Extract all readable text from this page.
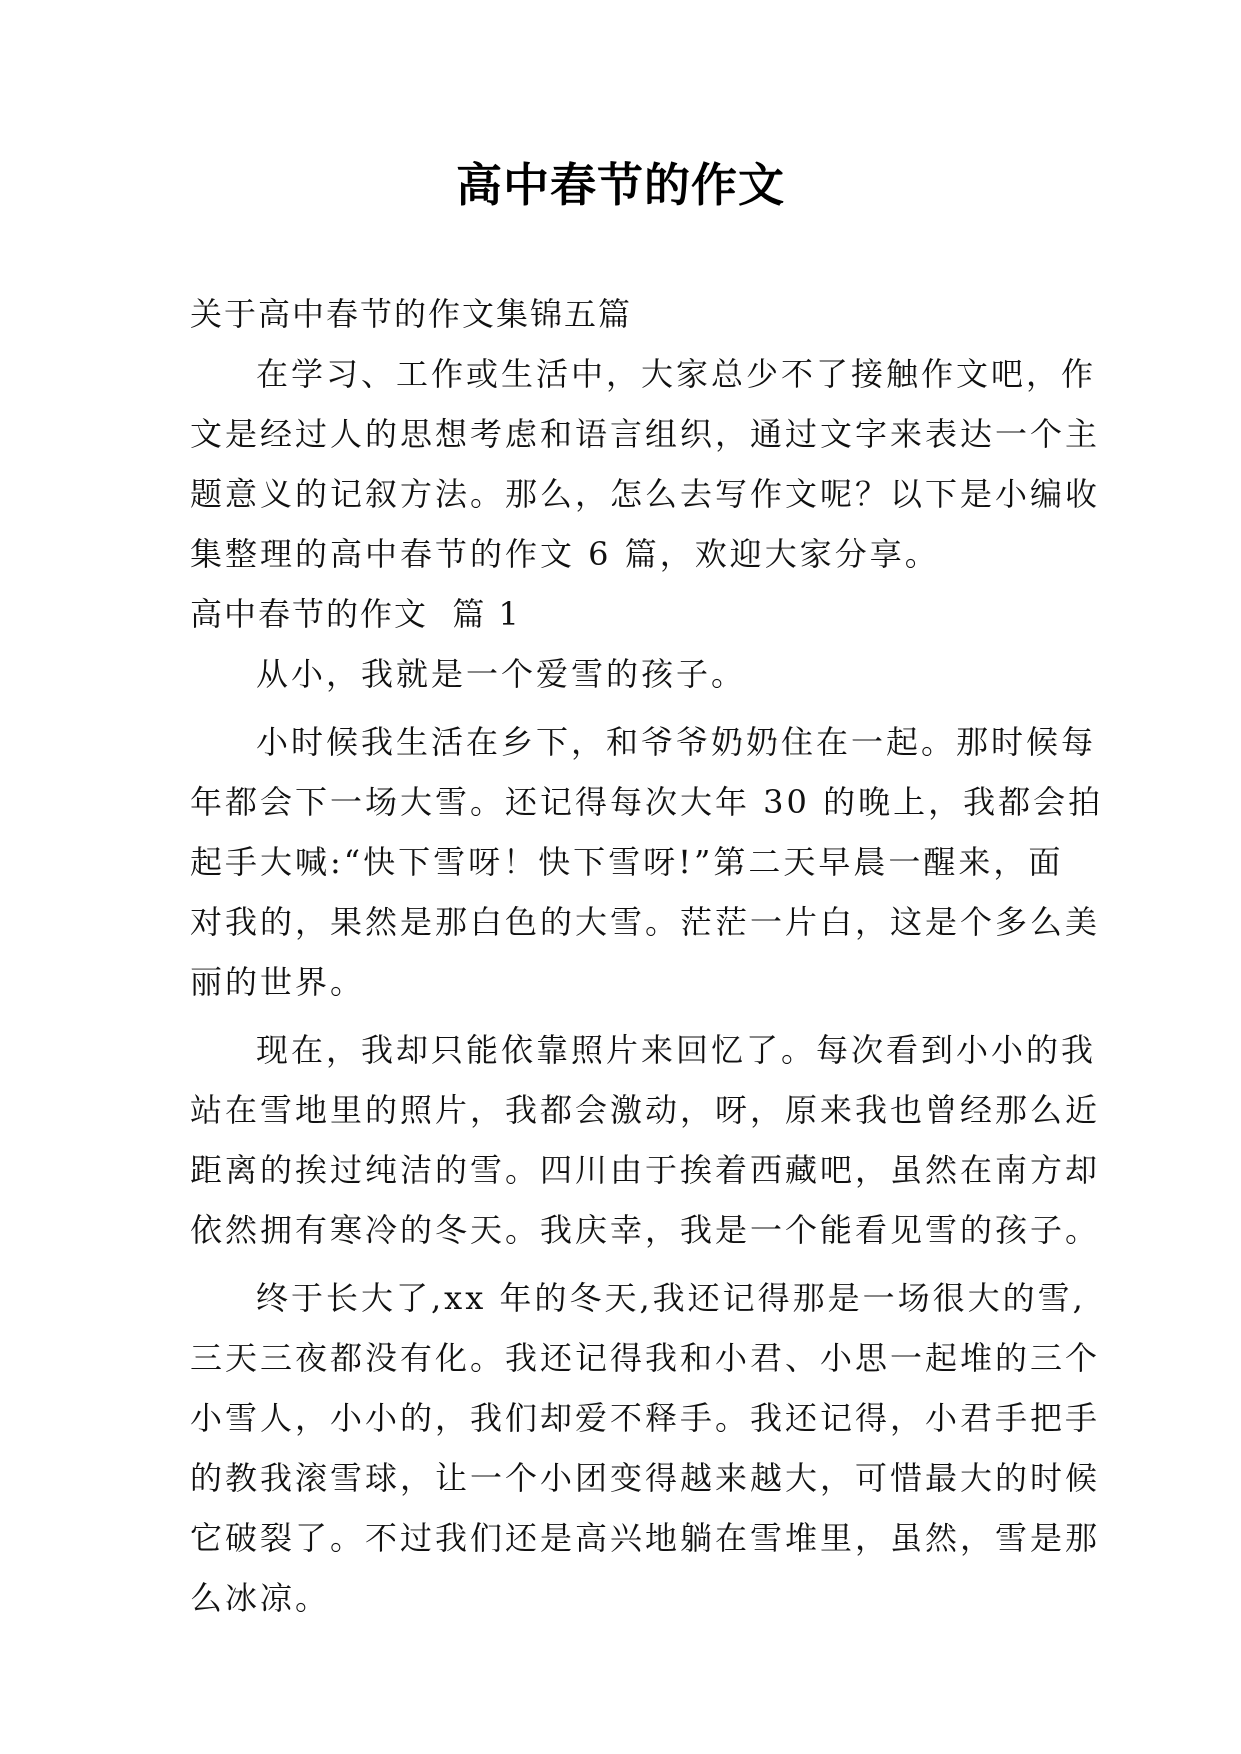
高中春节的作文

关于高中春节的作文集锦五篇

在学习、工作或生活中，大家总少不了接触作文吧，作

文是经过人的思想考虑和语言组织，通过文字来表达一个主

题意义的记叙方法。那么，怎么去写作文呢？以下是小编收

集整理的高中春节的作文 6 篇，欢迎大家分享。

高中春节的作文  篇 1

从小，我就是一个爱雪的孩子。

小时候我生活在乡下，和爷爷奶奶住在一起。那时候每

年都会下一场大雪。还记得每次大年 30 的晚上，我都会拍

起手大喊:“快下雪呀！快下雪呀!”第二天早晨一醒来，面

对我的，果然是那白色的大雪。茫茫一片白，这是个多么美

丽的世界。

现在，我却只能依靠照片来回忆了。每次看到小小的我

站在雪地里的照片，我都会激动，呀，原来我也曾经那么近

距离的挨过纯洁的雪。四川由于挨着西藏吧，虽然在南方却

依然拥有寒冷的冬天。我庆幸，我是一个能看见雪的孩子。

终于长大了,xx 年的冬天,我还记得那是一场很大的雪,

三天三夜都没有化。我还记得我和小君、小思一起堆的三个

小雪人，小小的，我们却爱不释手。我还记得，小君手把手

的教我滚雪球，让一个小团变得越来越大，可惜最大的时候

它破裂了。不过我们还是高兴地躺在雪堆里，虽然，雪是那

么冰凉。
